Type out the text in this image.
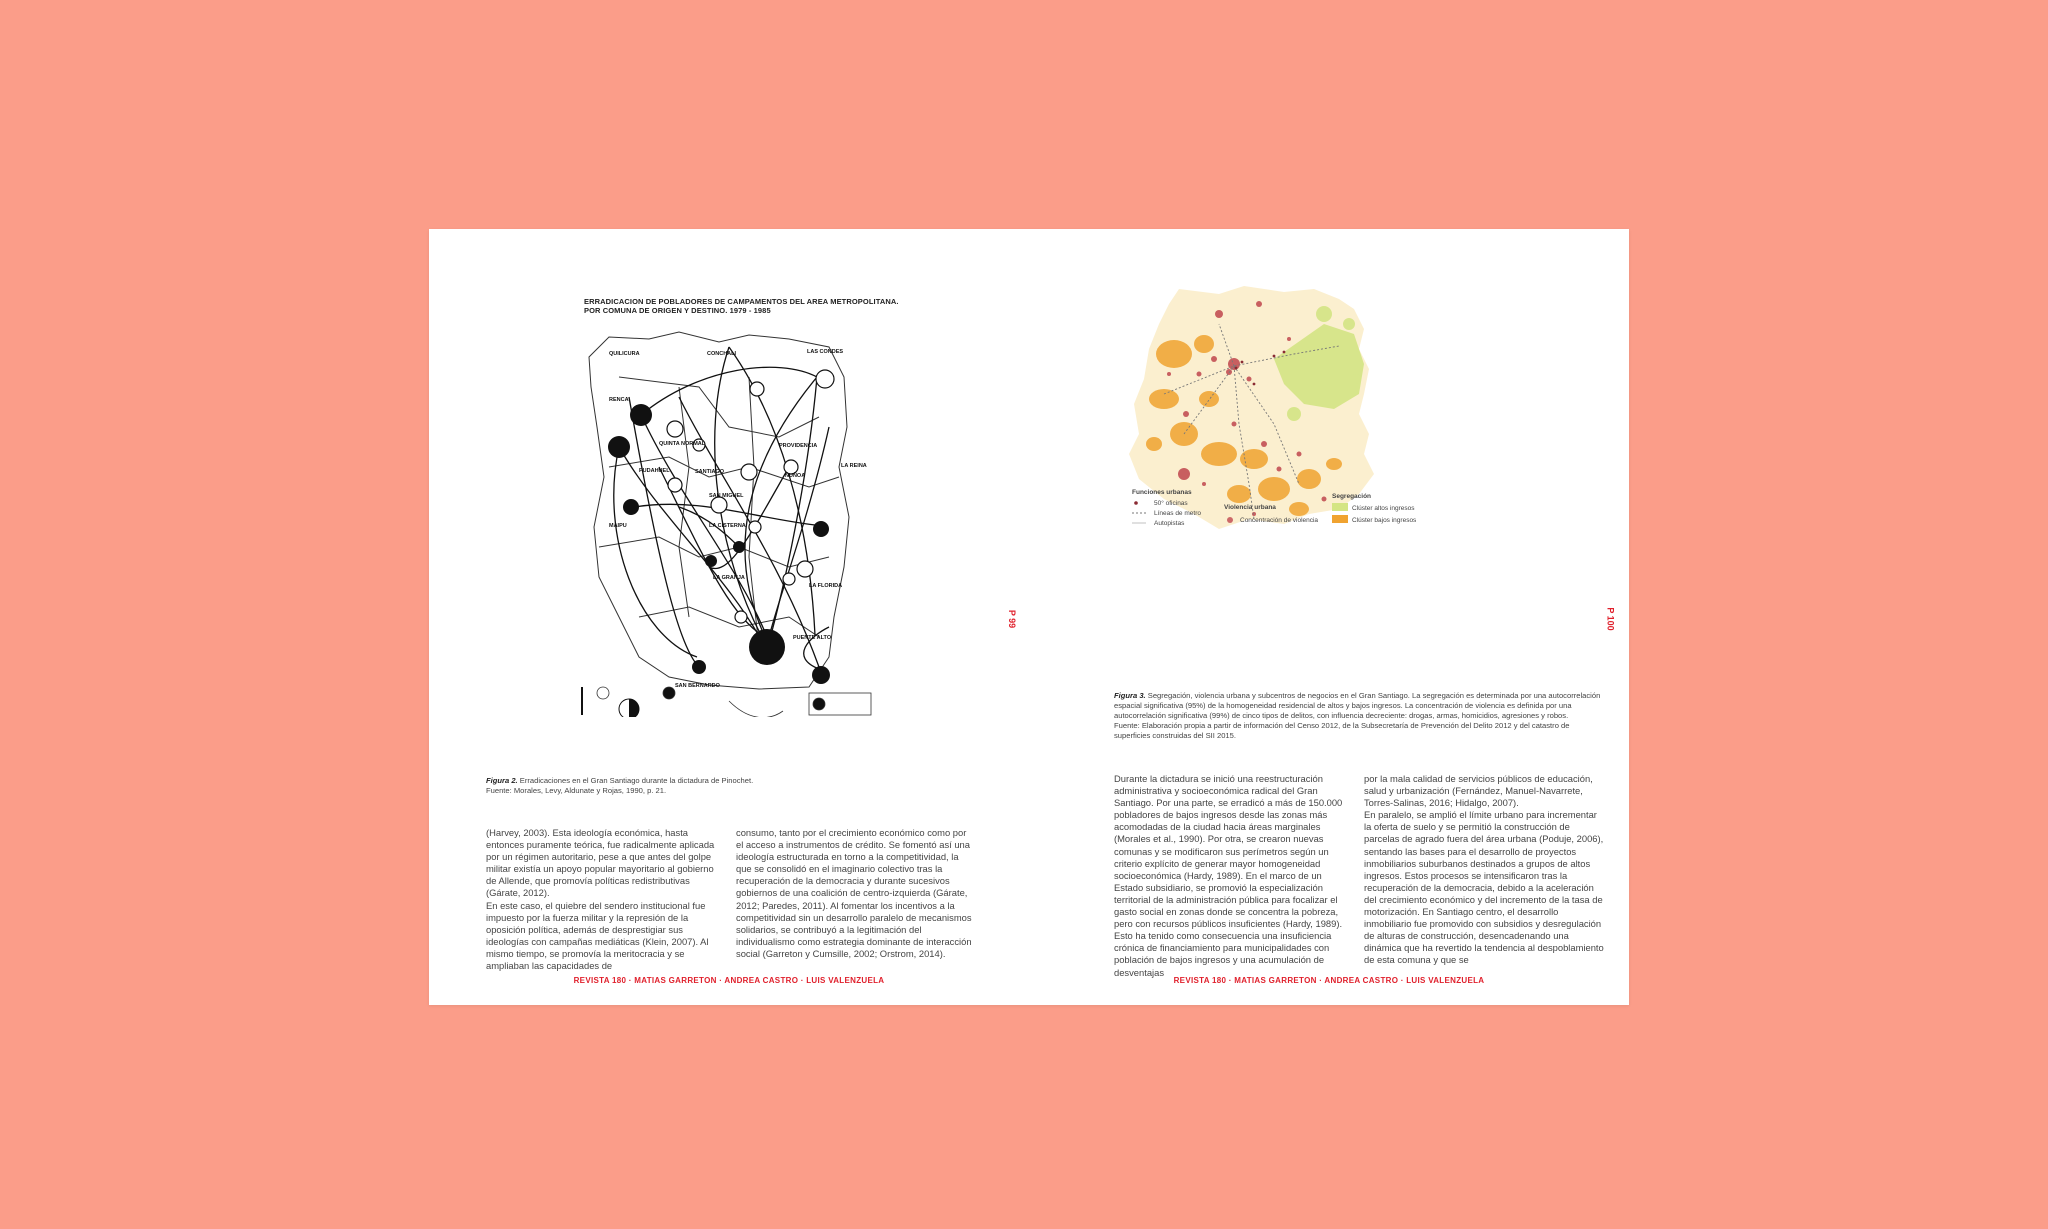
ERRADICACION DE POBLADORES DE CAMPAMENTOS DEL AREA METROPOLITANA.
POR COMUNA DE ORIGEN Y DESTINO. 1979 - 1985
QUILICURA	CONCHALI	LAS CONDES
RENCA
QUINTA NORMAL	PROVIDENCIA
PUDAHUEL	SANTIAGO
ÑUÑOA
LA REINA
SAN MIGUEL
MAIPU	LA CISTERNA
LA FLORIDA
LA GRANJA
PUENTE ALTO
SAN BERNARDO
Figura 2. Erradicaciones en el Gran Santiago durante la dictadura de Pinochet.
Fuente: Morales, Levy, Aldunate y Rojas, 1990, p. 21.

(Harvey, 2003). Esta ideología económica, hasta entonces puramente teórica, fue radicalmente aplicada por un régimen autoritario, pese a que antes del golpe militar existía un apoyo popular mayoritario al gobierno de Allende, que promovía políticas redistributivas (Gárate, 2012).

En este caso, el quiebre del sendero institucional fue impuesto por la fuerza militar y la represión de la oposición política, además de desprestigiar sus ideologías con campañas mediáticas (Klein, 2007). Al mismo tiempo, se promovía la meritocracia y se ampliaban las capacidades de

consumo, tanto por el crecimiento económico como por el acceso a instrumentos de crédito. Se fomentó así una ideología estructurada en torno a la competitividad, la que se consolidó en el imaginario colectivo tras la recuperación de la democracia y durante sucesivos gobiernos de una coalición de centro-izquierda (Gárate, 2012; Paredes, 2011). Al fomentar los incentivos a la competitividad sin un desarrollo paralelo de mecanismos solidarios, se contribuyó a la legitimación del individualismo como estrategia dominante de interacción social (Garreton y Cumsille, 2002; Orstrom, 2014).

P 99
REVISTA 180 · MATIAS GARRETON · ANDREA CASTRO · LUIS VALENZUELA
Funciones urbanas
50° oficinas
Líneas de metro
Autopistas
Violencia urbana
Concentración de violencia
Segregación
Clúster altos ingresos
Clúster bajos ingresos
Figura 3. Segregación, violencia urbana y subcentros de negocios en el Gran Santiago. La segregación es determinada por una autocorrelación espacial significativa (95%) de la homogeneidad residencial de altos y bajos ingresos. La concentración de violencia es definida por una autocorrelación significativa (99%) de cinco tipos de delitos, con influencia decreciente: drogas, armas, homicidios, agresiones y robos.
Fuente: Elaboración propia a partir de información del Censo 2012, de la Subsecretaría de Prevención del Delito 2012 y del catastro de superficies construidas del SII 2015.

Durante la dictadura se inició una reestructuración administrativa y socioeconómica radical del Gran Santiago. Por una parte, se erradicó a más de 150.000 pobladores de bajos ingresos desde las zonas más acomodadas de la ciudad hacia áreas marginales (Morales et al., 1990). Por otra, se crearon nuevas comunas y se modificaron sus perímetros según un criterio explícito de generar mayor homogeneidad socioeconómica (Hardy, 1989). En el marco de un Estado subsidiario, se promovió la especialización territorial de la administración pública para focalizar el gasto social en zonas donde se concentra la pobreza, pero con recursos públicos insuficientes (Hardy, 1989). Esto ha tenido como consecuencia una insuficiencia crónica de financiamiento para municipalidades con población de bajos ingresos y una acumulación de desventajas

por la mala calidad de servicios públicos de educación, salud y urbanización (Fernández, Manuel-Navarrete, Torres-Salinas, 2016; Hidalgo, 2007).

En paralelo, se amplió el límite urbano para incrementar la oferta de suelo y se permitió la construcción de parcelas de agrado fuera del área urbana (Poduje, 2006), sentando las bases para el desarrollo de proyectos inmobiliarios suburbanos destinados a grupos de altos ingresos. Estos procesos se intensificaron tras la recuperación de la democracia, debido a la aceleración del crecimiento económico y del incremento de la tasa de motorización. En Santiago centro, el desarrollo inmobiliario fue promovido con subsidios y desregulación de alturas de construcción, desencadenando una dinámica que ha revertido la tendencia al despoblamiento de esta comuna y que se

P 100
REVISTA 180 · MATIAS GARRETON · ANDREA CASTRO · LUIS VALENZUELA
